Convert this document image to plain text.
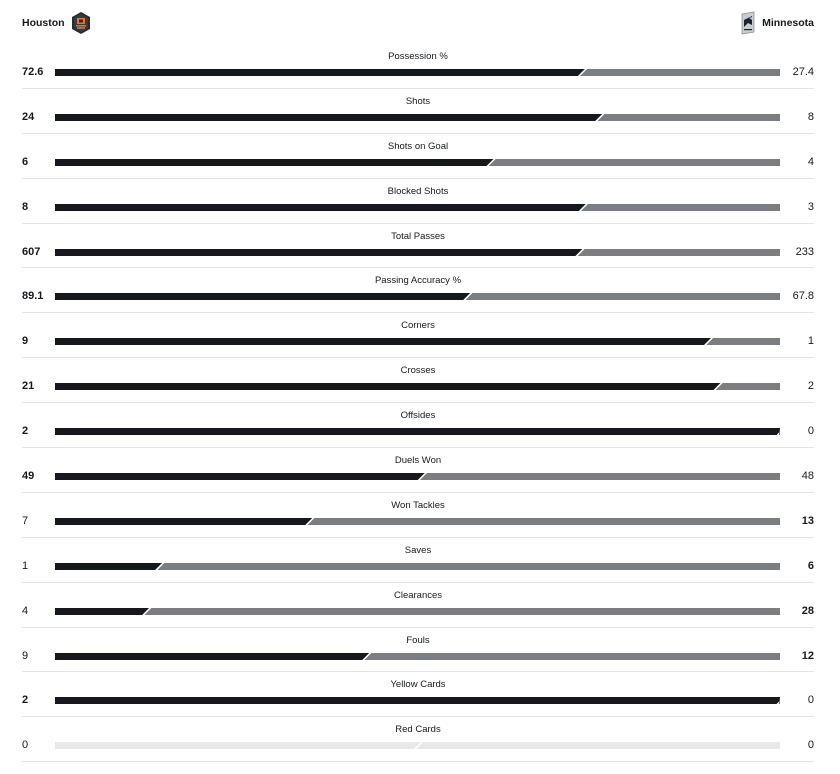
Houston	Minnesota
Possession %
72.6	27.4
Shots
24	8
Shots on Goal
6	4
Blocked Shots
8	3
Total Passes
607	233
Passing Accuracy %
89.1	67.8
Corners
9	1
Crosses
21	2
Offsides
2	0
Duels Won
49	48
Won Tackles
7	13
Saves
1	6
Clearances
4	28
Fouls
9	12
Yellow Cards
2	0
Red Cards
0	0
